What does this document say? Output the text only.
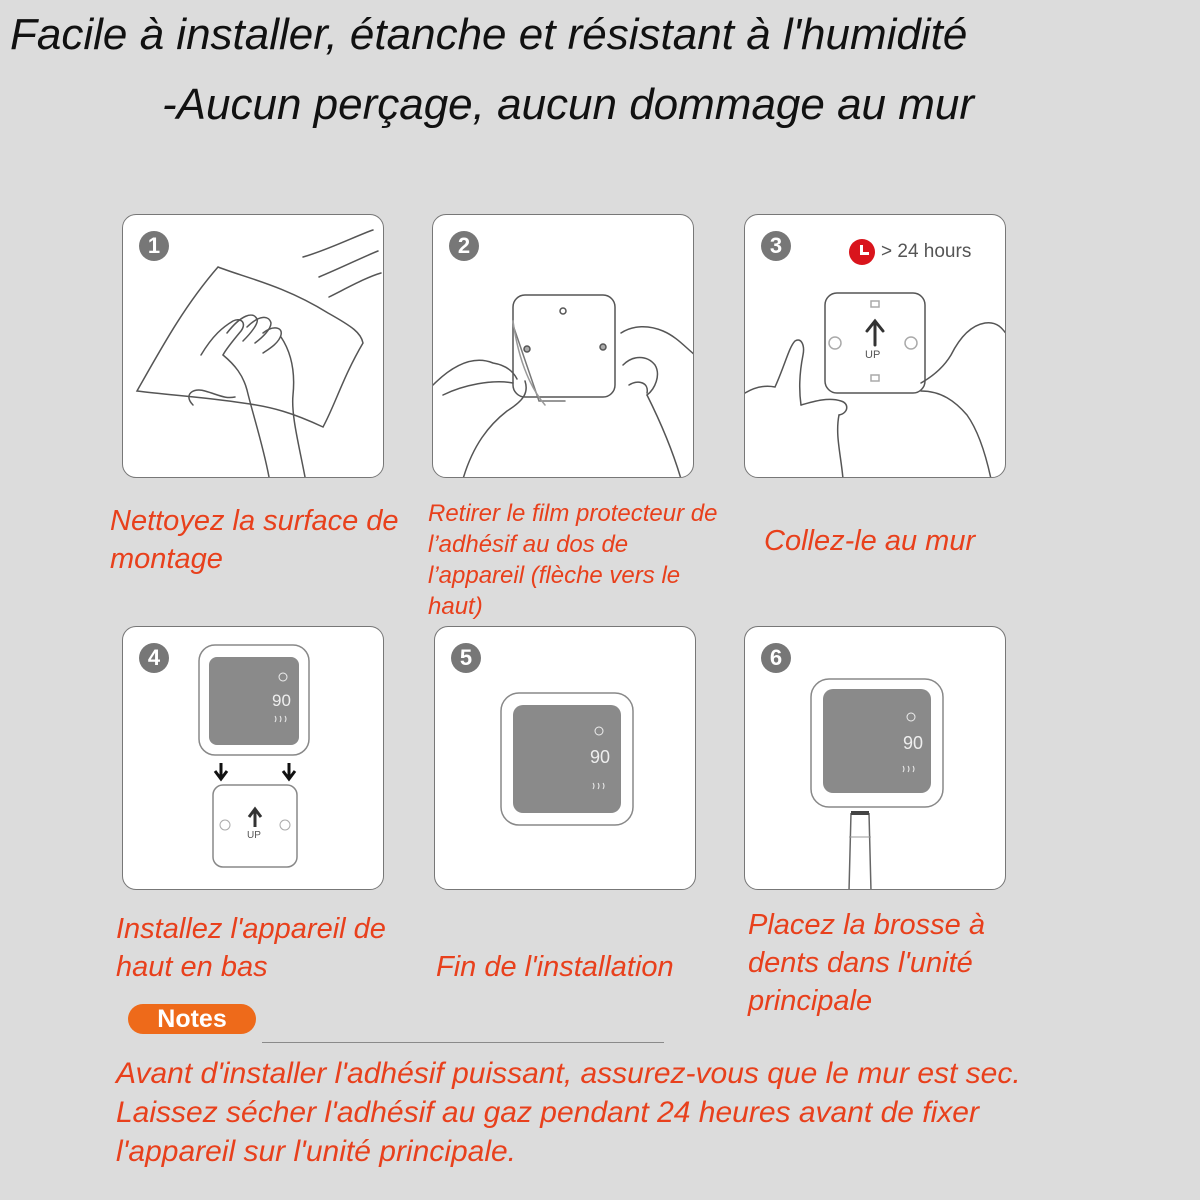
Facile à installer, étanche et résistant à l'humidité
-Aucun perçage, aucun dommage au mur
1	2	3	> 24 hours
UP
4
90
UP
5
90
6
90
Nettoyez la surface de montage
Retirer le film protecteur de l’adhésif au dos de l’appareil (flèche vers le haut)
Collez-le au mur
Installez l'appareil de haut en bas	Fin de l'installation
Placez la brosse à dents dans l'unité principale
Notes
Avant d'installer l'adhésif puissant, assurez-vous que le mur est sec.
Laissez sécher l'adhésif au gaz pendant 24 heures avant de fixer
l'appareil sur l'unité principale.
